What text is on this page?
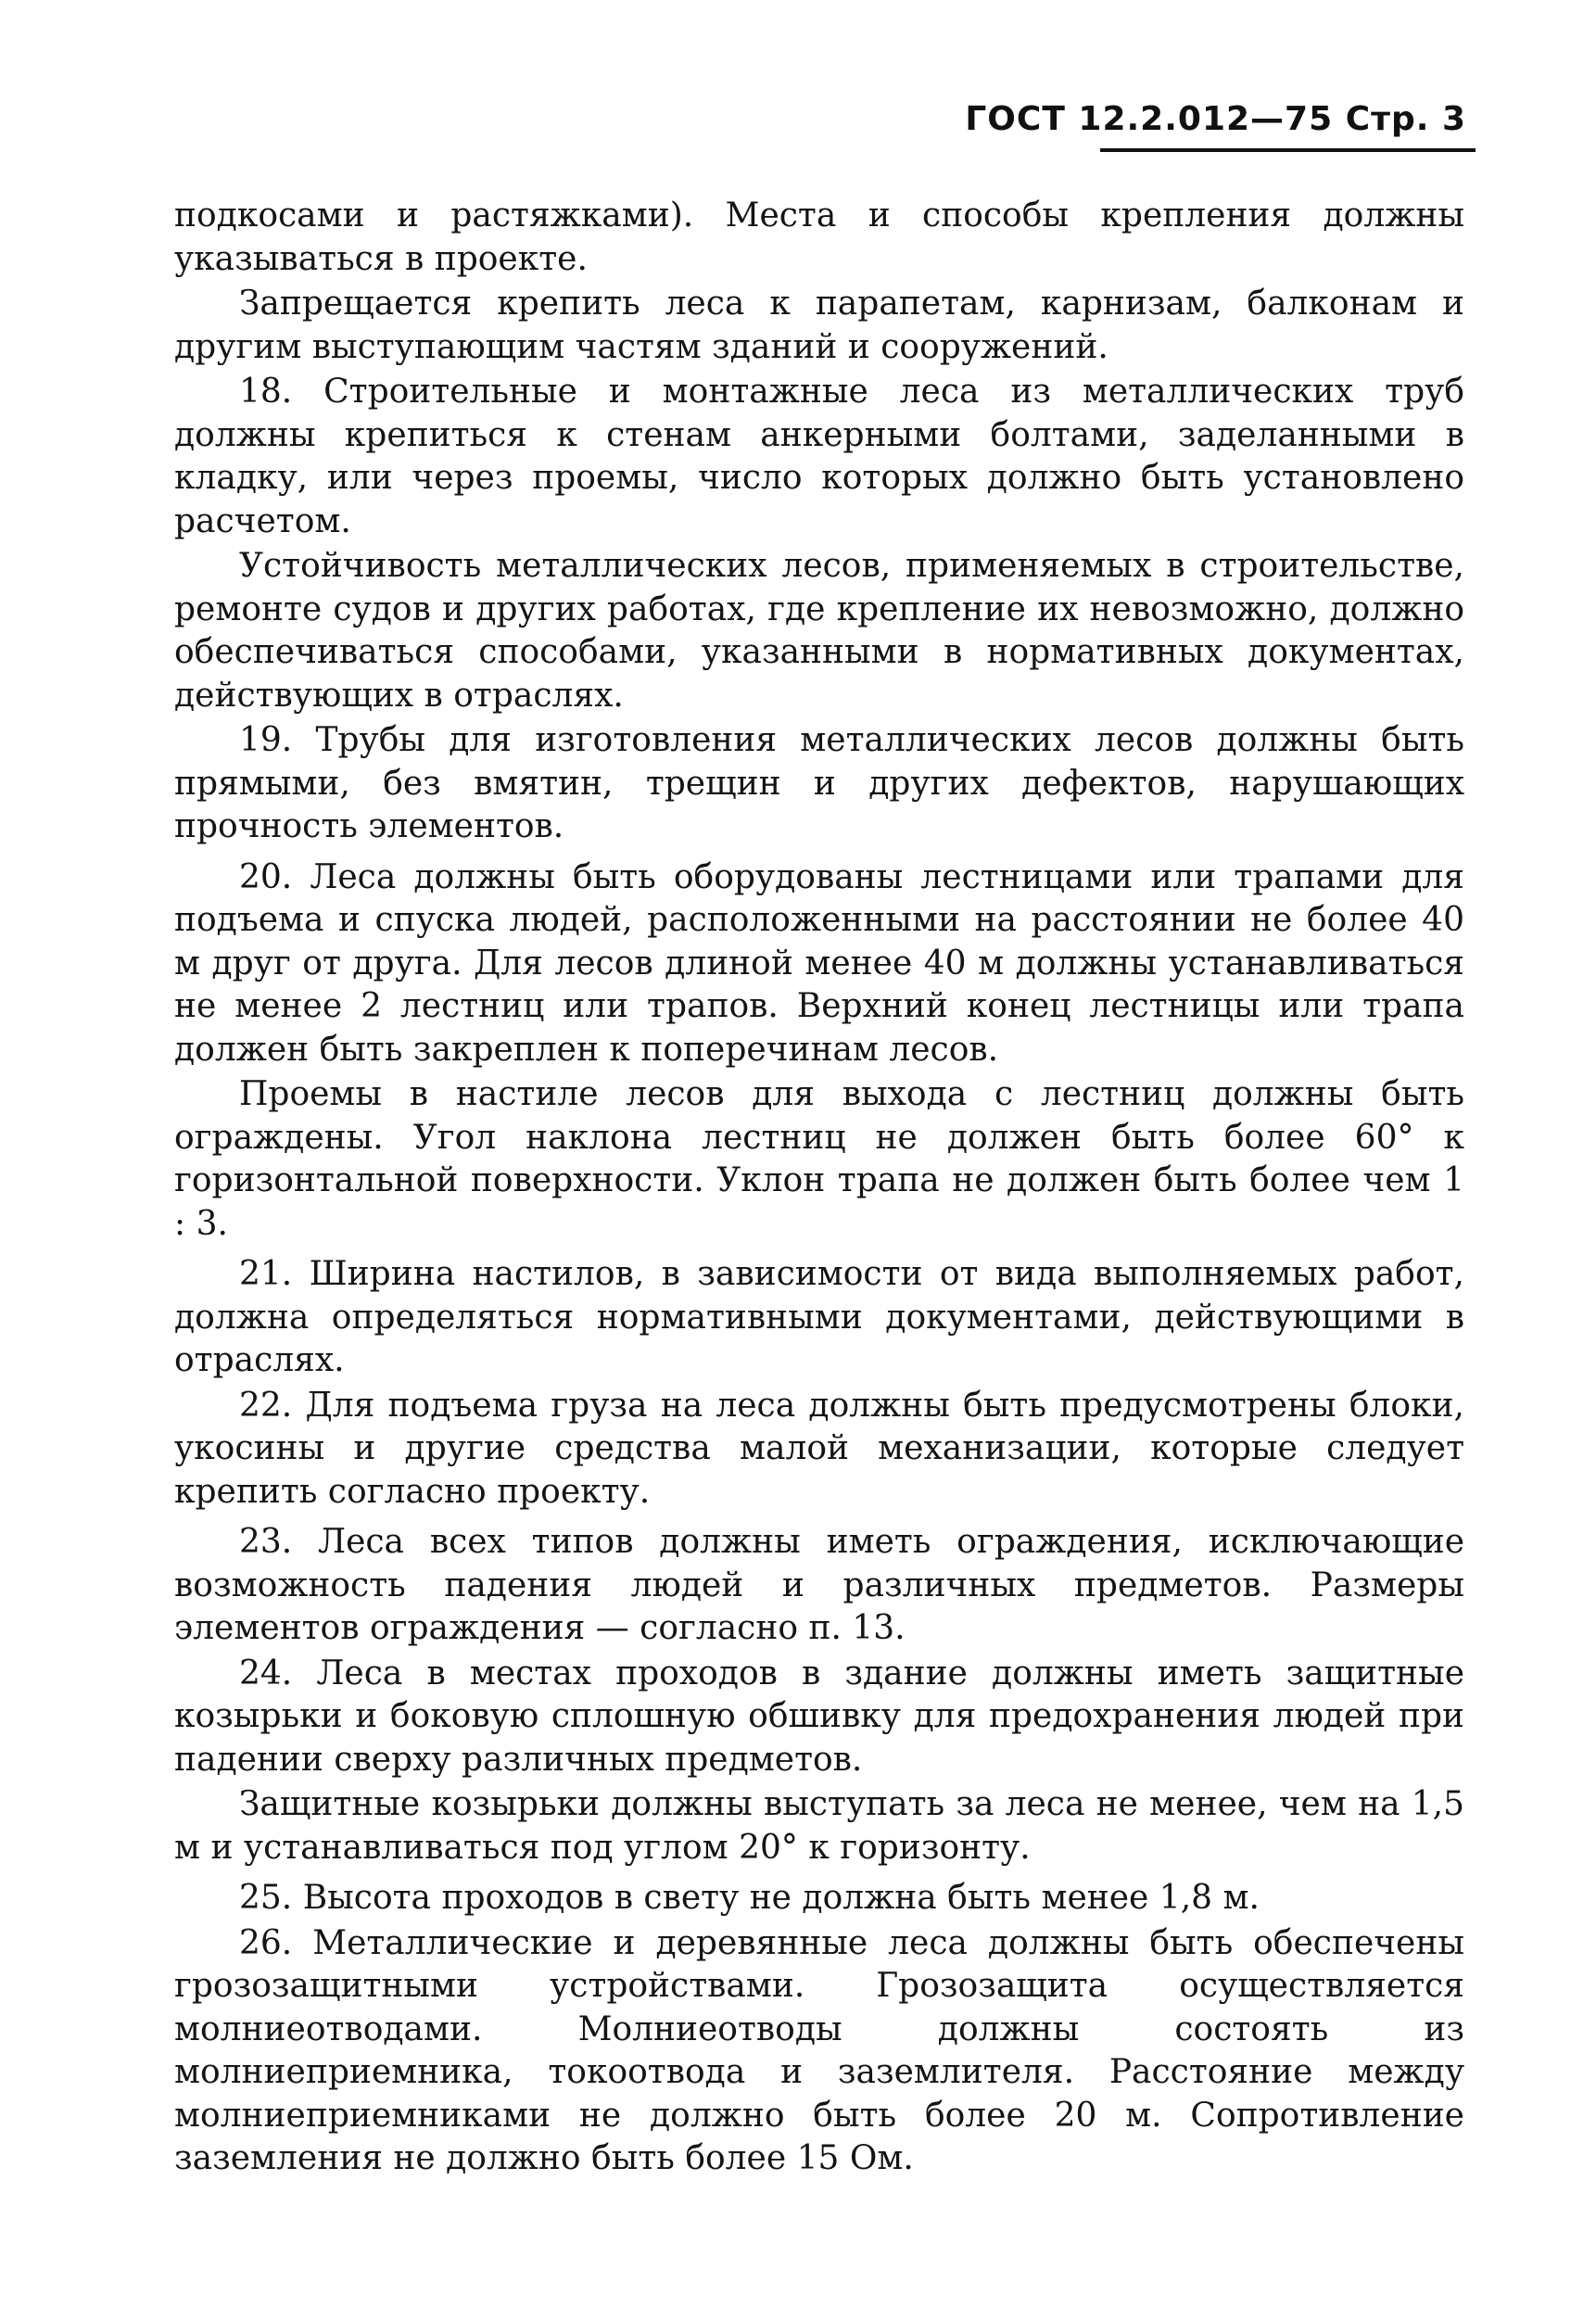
ГОСТ 12.2.012—75 Стр. 3

подкосами и растяжками). Места и способы крепления должны указываться в проекте.

Запрещается крепить леса к парапетам, карнизам, балконам и другим выступающим частям зданий и сооружений.

18. Строительные и монтажные леса из металлических труб должны крепиться к стенам анкерными болтами, заделанными в кладку, или через проемы, число которых должно быть установлено расчетом.

Устойчивость металлических лесов, применяемых в строительстве, ремонте судов и других работах, где крепление их невозможно, должно обеспечиваться способами, указанными в нормативных документах, действующих в отраслях.

19. Трубы для изготовления металлических лесов должны быть прямыми, без вмятин, трещин и других дефектов, нарушающих прочность элементов.

20. Леса должны быть оборудованы лестницами или трапами для подъема и спуска людей, расположенными на расстоянии не более 40 м друг от друга. Для лесов длиной менее 40 м должны устанавливаться не менее 2 лестниц или трапов. Верхний конец лестницы или трапа должен быть закреплен к поперечинам лесов.

Проемы в настиле лесов для выхода с лестниц должны быть ограждены. Угол наклона лестниц не должен быть более 60° к горизонтальной поверхности. Уклон трапа не должен быть более чем 1 : 3.

21. Ширина настилов, в зависимости от вида выполняемых работ, должна определяться нормативными документами, действующими в отраслях.

22. Для подъема груза на леса должны быть предусмотрены блоки, укосины и другие средства малой механизации, которые следует крепить согласно проекту.

23. Леса всех типов должны иметь ограждения, исключающие возможность падения людей и различных предметов. Размеры элементов ограждения — согласно п. 13.

24. Леса в местах проходов в здание должны иметь защитные козырьки и боковую сплошную обшивку для предохранения людей при падении сверху различных предметов.

Защитные козырьки должны выступать за леса не менее, чем на 1,5 м и устанавливаться под углом 20° к горизонту.

25. Высота проходов в свету не должна быть менее 1,8 м.

26. Металлические и деревянные леса должны быть обеспечены грозозащитными устройствами. Грозозащита осуществляется молниеотводами. Молниеотводы должны состоять из молниеприемника, токоотвода и заземлителя. Расстояние между молниеприемниками не должно быть более 20 м. Сопротивление заземления не должно быть более 15 Ом.
